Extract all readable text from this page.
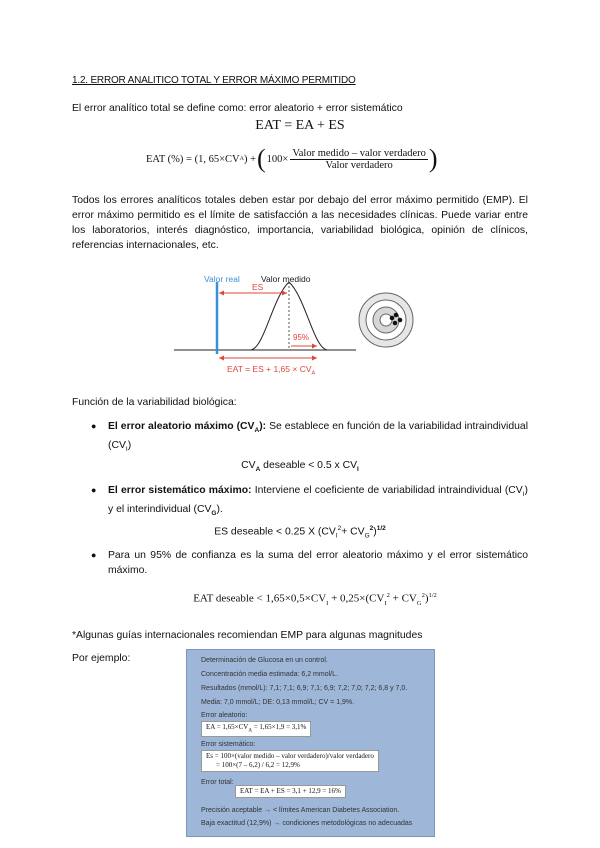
1.2. ERROR ANALITICO TOTAL Y ERROR MÁXIMO PERMITIDO
El error analítico total se define como: error aleatorio + error sistemático
EAT = EA + ES
EAT (%) = (1, 65×CV A ) + ( 100×
Valor medido – valor verdadero
Valor verdadero )
Todos los errores analíticos totales deben estar por debajo del error máximo permitido (EMP). El error máximo permitido es el límite de satisfacción a las necesidades clínicas. Puede variar entre los laboratorios, interés diagnóstico, importancia, variabilidad biológica, opinión de clínicos, referencias internacionales, etc.
Valor real	Valor medido
ES
95%
EAT = ES + $1,65 \times CV_A$
Función de la variabilidad biológica:
● El error aleatorio máximo $(CV_A)$: Se establece en función de la variabilidad intraindividual $(CV_I)$
$CV_A$ deseable < 0.5 x $CV_I$
● El error sistemático máximo: Interviene el coeficiente de variabilidad intraindividual $(CV_I)$ y el interindividual $(CV_G)$.
ES deseable < 0.25 X $(CV_I^2+ CV_G^2)^{1/2}$
● Para un 95% de confianza es la suma del error aleatorio máximo y el error sistemático máximo.
EAT deseable < $1,65\times 0,5\times CV_I + 0,25\times(CV_I^2 + CV_G^2)^{1/2}$
*Algunas guías internacionales recomiendan EMP para algunas magnitudes
Por ejemplo:	Determinación de Glucosa en un control.
Concentración media estimada: 6,2 mmol/L.
Resultados (mmol/L): 7,1; 7,1; 6,9; 7,1; 6,9; 7,2; 7,0; 7,2; 6,8 y 7,0.
Media: 7,0 mmol/L; DE: 0,13 mmol/L; CV = 1,9%.
Error aleatorio:
EA = $1,65\times CV_A = 1,65\times 1,9 = 3,1\%$
Error sistemático:
Es = 100×(valor medido – valor verdadero)/valor verdadero
= 100×(7 – 6,2) / 6,2 = 12,9%
Error total:
EAT = EA + ES = 3,1 + 12,9 = 16%
Precisión aceptable → < límites American Diabetes Association.
Baja exactitud (12,9%) → condiciones metodológicas no adecuadas
